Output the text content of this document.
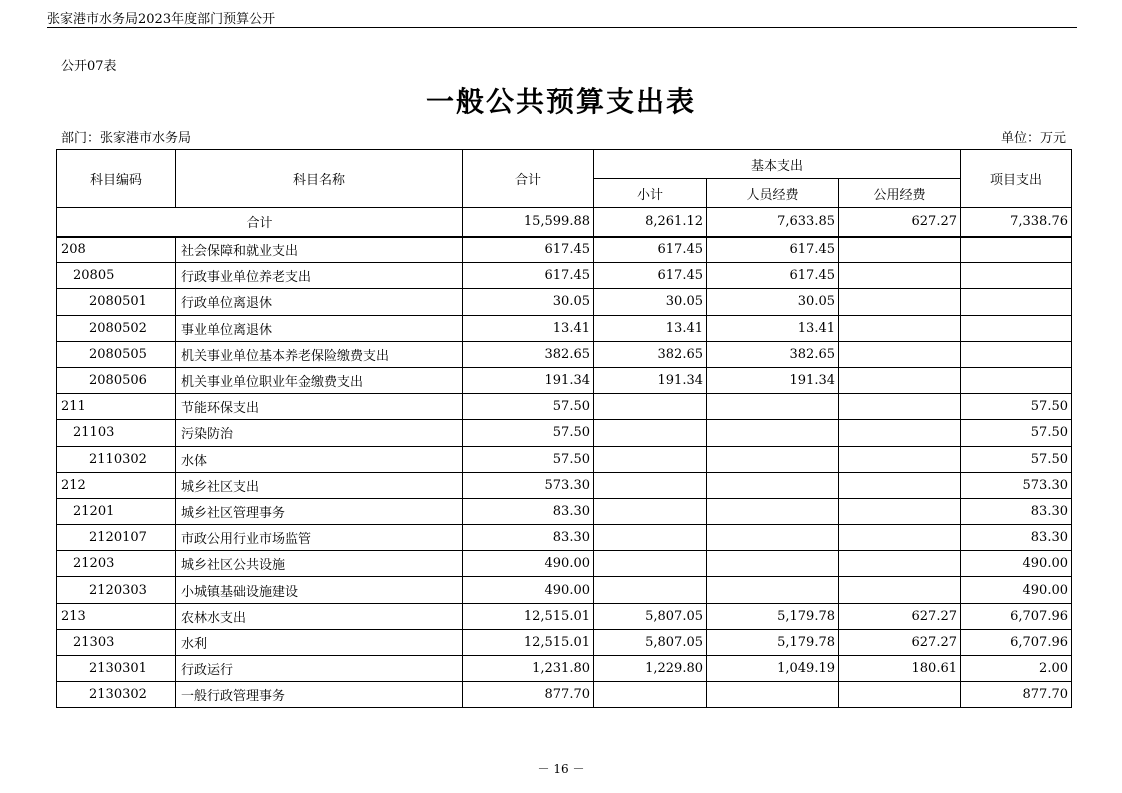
张家港市水务局2023年度部门预算公开
公开07表
一般公共预算支出表
部门：张家港市水务局	单位：万元
科目编码	科目名称	合计	基本支出			项目支出
			小计	人员经费	公用经费	
合计		15,599.88	8,261.12	7,633.85	627.27	7,338.76
208	社会保障和就业支出	617.45	617.45	617.45		
20805	行政事业单位养老支出	617.45	617.45	617.45		
2080501	行政单位离退休	30.05	30.05	30.05		
2080502	事业单位离退休	13.41	13.41	13.41		
2080505	机关事业单位基本养老保险缴费支出	382.65	382.65	382.65		
2080506	机关事业单位职业年金缴费支出	191.34	191.34	191.34		
211	节能环保支出	57.50				57.50
21103	污染防治	57.50				57.50
2110302	水体	57.50				57.50
212	城乡社区支出	573.30				573.30
21201	城乡社区管理事务	83.30				83.30
2120107	市政公用行业市场监管	83.30				83.30
21203	城乡社区公共设施	490.00				490.00
2120303	小城镇基础设施建设	490.00				490.00
213	农林水支出	12,515.01	5,807.05	5,179.78	627.27	6,707.96
21303	水利	12,515.01	5,807.05	5,179.78	627.27	6,707.96
2130301	行政运行	1,231.80	1,229.80	1,049.19	180.61	2.00
2130302	一般行政管理事务	877.70				877.70
－ 16 －
